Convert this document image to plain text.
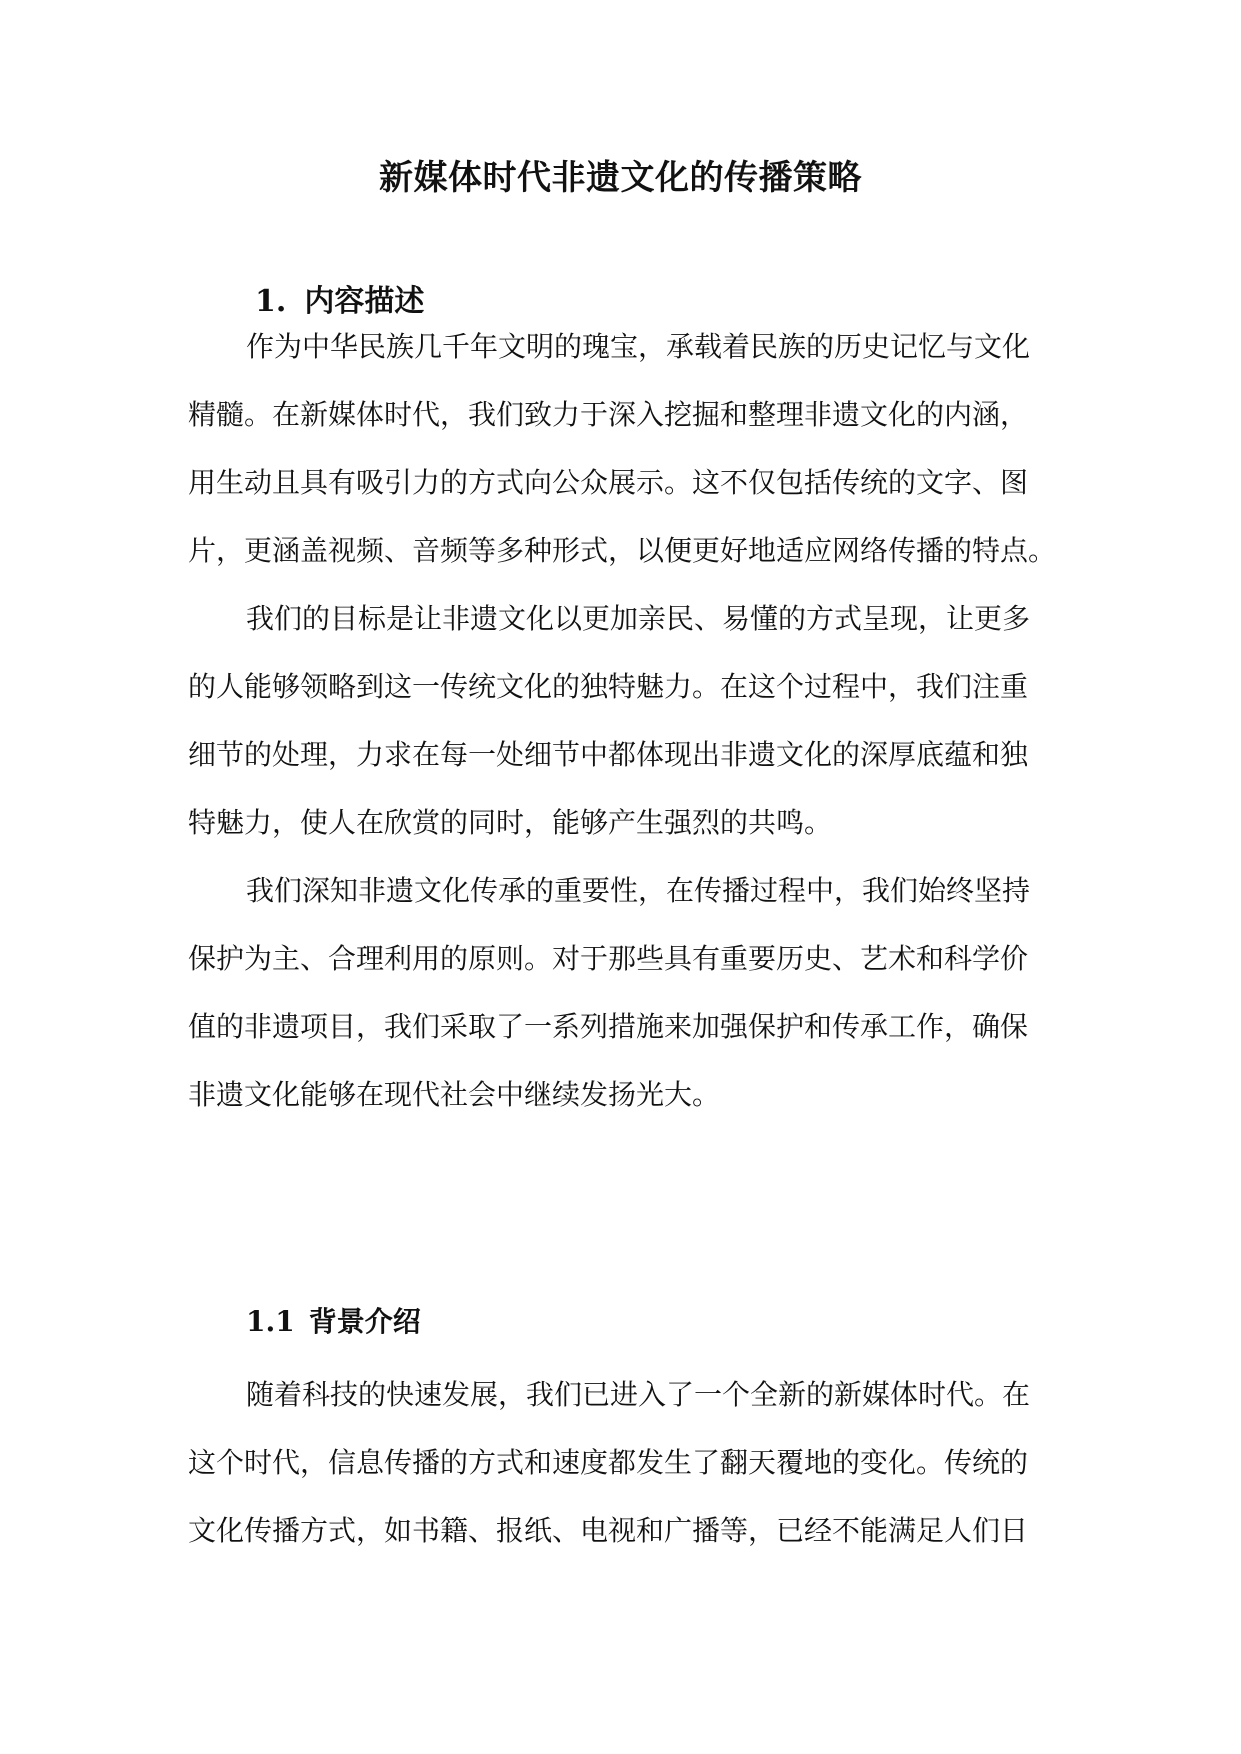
新媒体时代非遗文化的传播策略
1. 内容描述
作为中华民族几千年文明的瑰宝，承载着民族的历史记忆与文化
精髓。在新媒体时代，我们致力于深入挖掘和整理非遗文化的内涵，
用生动且具有吸引力的方式向公众展示。这不仅包括传统的文字、图
片，更涵盖视频、音频等多种形式，以便更好地适应网络传播的特点。
我们的目标是让非遗文化以更加亲民、易懂的方式呈现，让更多
的人能够领略到这一传统文化的独特魅力。在这个过程中，我们注重
细节的处理，力求在每一处细节中都体现出非遗文化的深厚底蕴和独
特魅力，使人在欣赏的同时，能够产生强烈的共鸣。
我们深知非遗文化传承的重要性，在传播过程中，我们始终坚持
保护为主、合理利用的原则。对于那些具有重要历史、艺术和科学价
值的非遗项目，我们采取了一系列措施来加强保护和传承工作，确保
非遗文化能够在现代社会中继续发扬光大。
1.1 背景介绍
随着科技的快速发展，我们已进入了一个全新的新媒体时代。在
这个时代，信息传播的方式和速度都发生了翻天覆地的变化。传统的
文化传播方式，如书籍、报纸、电视和广播等，已经不能满足人们日
